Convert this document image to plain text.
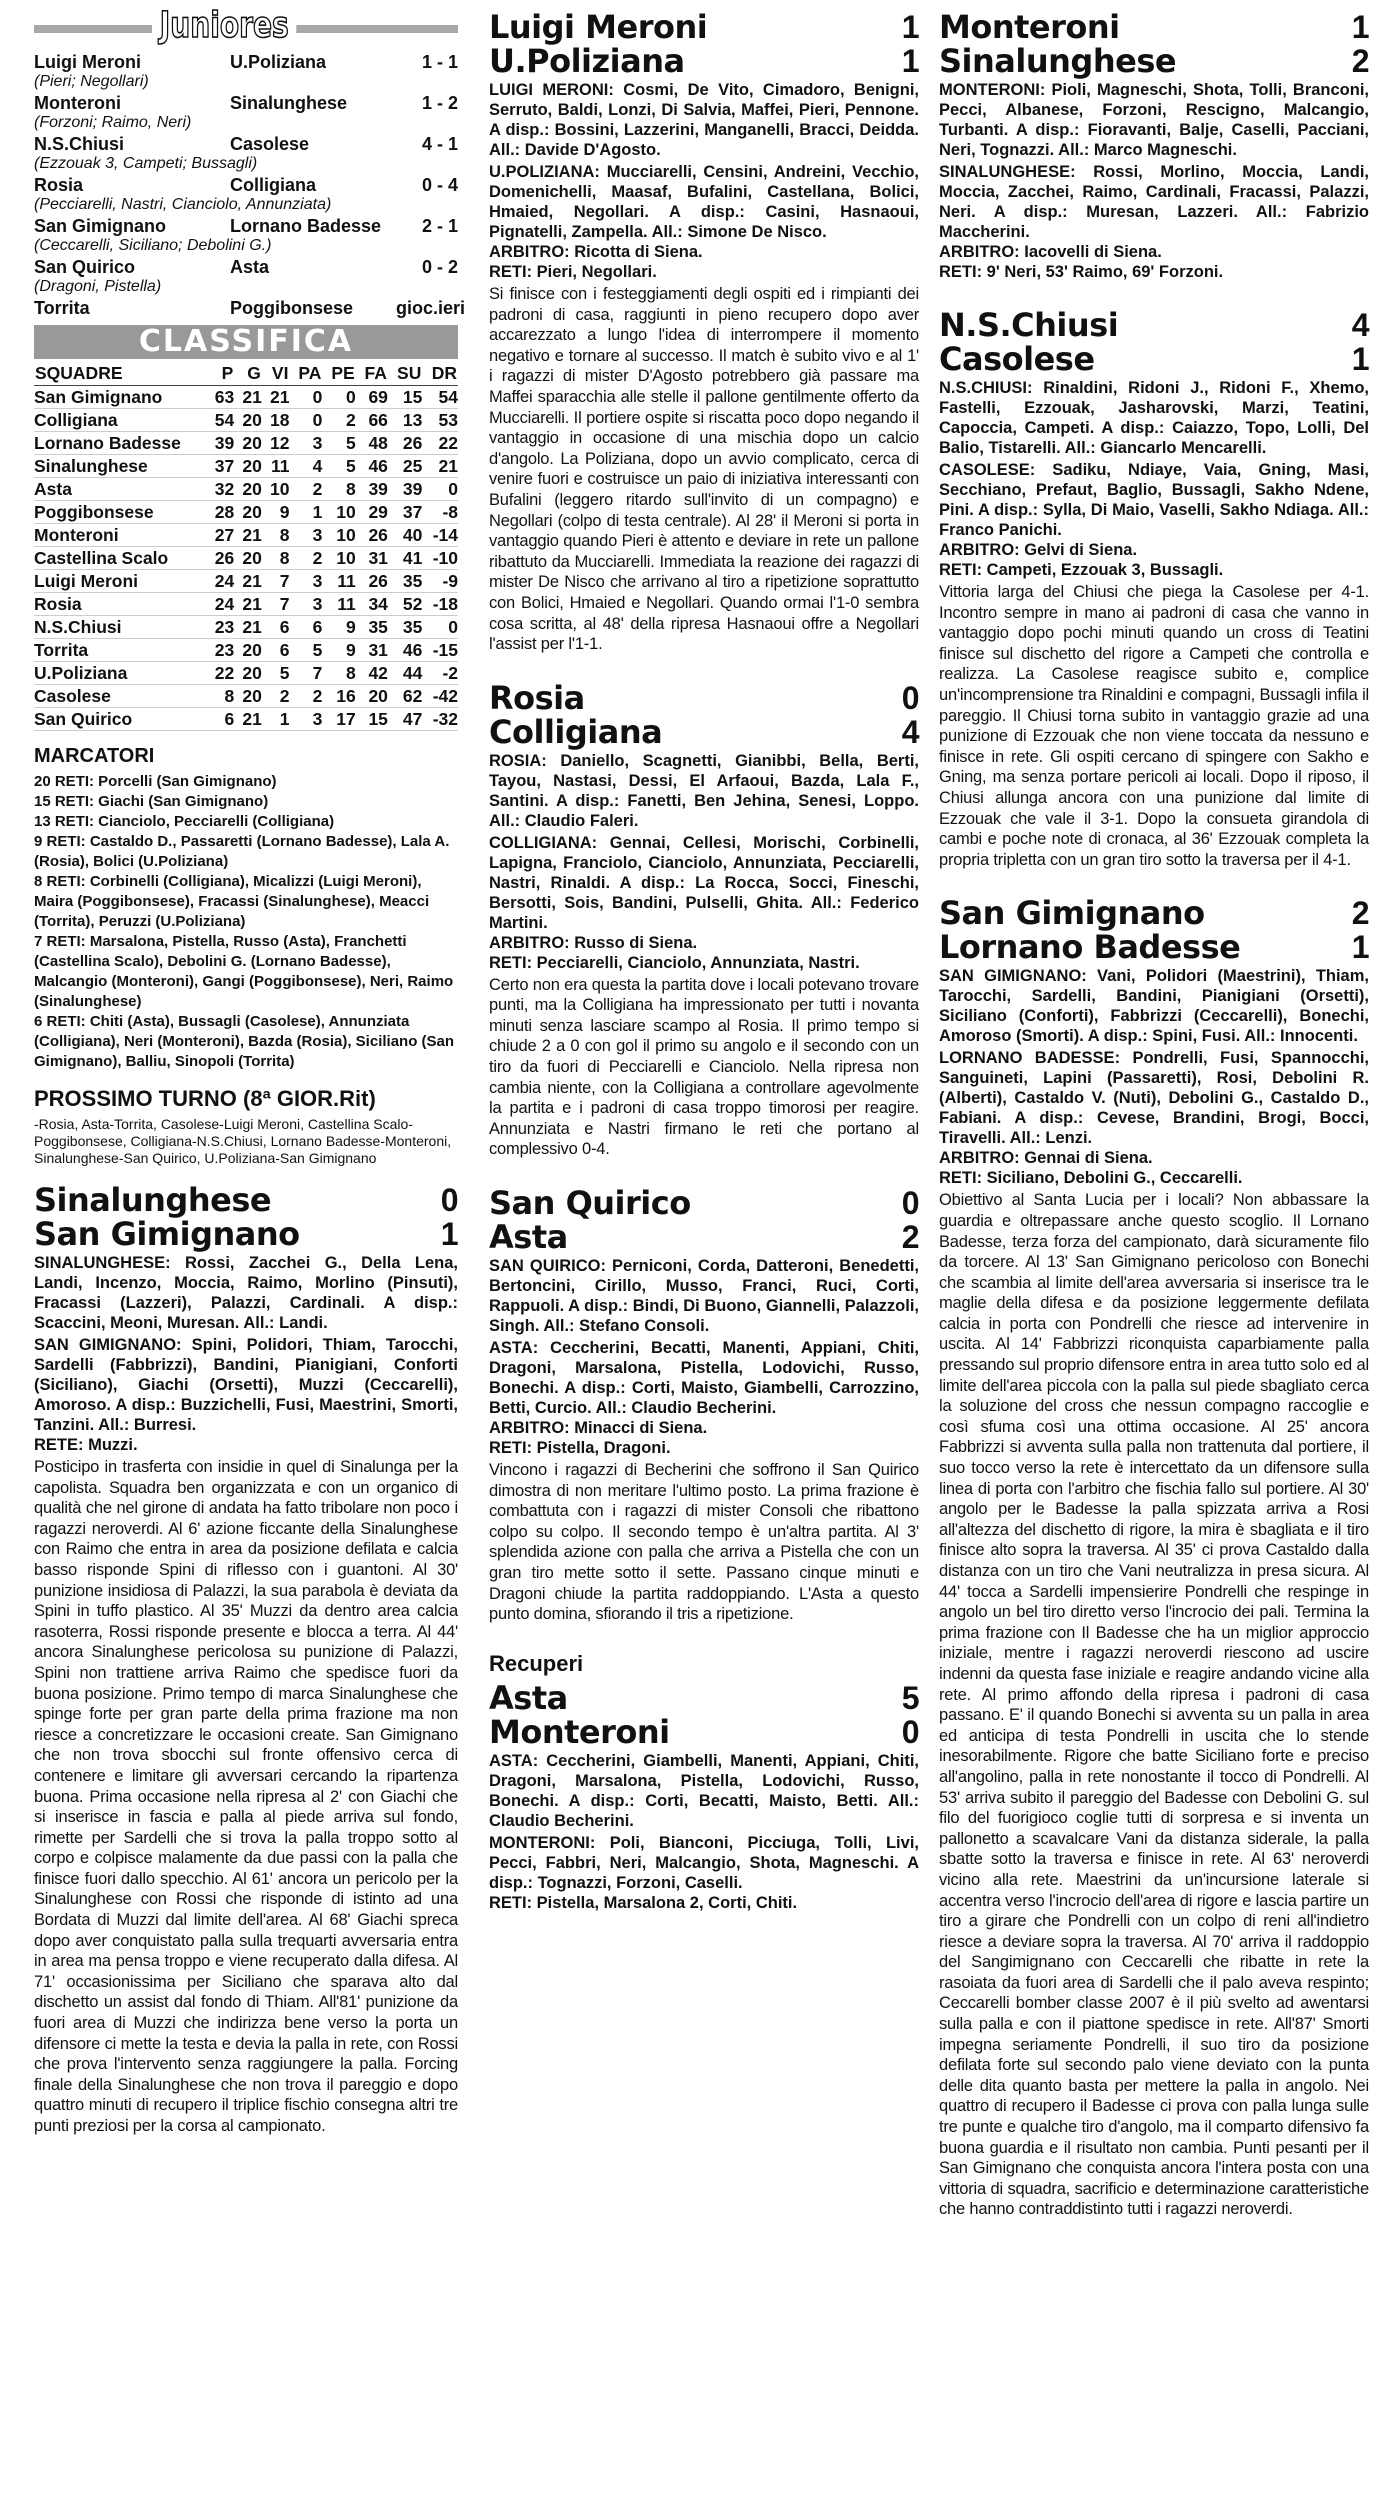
Juniores
Luigi Meroni	U.Poliziana	1 - 1
(Pieri; Negollari)
Monteroni	Sinalunghese	1 - 2
(Forzoni; Raimo, Neri)
N.S.Chiusi	Casolese	4 - 1
(Ezzouak 3, Campeti; Bussagli)
Rosia	Colligiana	0 - 4
(Pecciarelli, Nastri, Cianciolo, Annunziata)
San Gimignano	Lornano Badesse	2 - 1
(Ceccarelli, Siciliano; Debolini G.)
San Quirico	Asta	0 - 2
(Dragoni, Pistella)
Torrita	Poggibonsese	gioc.ieri
CLASSIFICA
SQUADRE	P	G	VI	PA	PE	FA	SU	DR
San Gimignano	63	21	21	0	0	69	15	54
Colligiana	54	20	18	0	2	66	13	53
Lornano Badesse	39	20	12	3	5	48	26	22
Sinalunghese	37	20	11	4	5	46	25	21
Asta	32	20	10	2	8	39	39	0
Poggibonsese	28	20	9	1	10	29	37	-8
Monteroni	27	21	8	3	10	26	40	-14
Castellina Scalo	26	20	8	2	10	31	41	-10
Luigi Meroni	24	21	7	3	11	26	35	-9
Rosia	24	21	7	3	11	34	52	-18
N.S.Chiusi	23	21	6	6	9	35	35	0
Torrita	23	20	6	5	9	31	46	-15
U.Poliziana	22	20	5	7	8	42	44	-2
Casolese	8	20	2	2	16	20	62	-42
San Quirico	6	21	1	3	17	15	47	-32
MARCATORI

20 RETI: Porcelli (San Gimignano)

15 RETI: Giachi (San Gimignano)

13 RETI: Cianciolo, Pecciarelli (Colligiana)

9 RETI: Castaldo D., Passaretti (Lornano Badesse), Lala A. (Rosia), Bolici (U.Poliziana)

8 RETI: Corbinelli (Colligiana), Micalizzi (Luigi Meroni), Maira (Poggibonsese), Fracassi (Sinalunghese), Meacci (Torrita), Peruzzi (U.Poliziana)

7 RETI: Marsalona, Pistella, Russo (Asta), Franchetti (Castellina Scalo), Debolini G. (Lornano Badesse), Malcangio (Monteroni), Gangi (Poggibonsese), Neri, Raimo (Sinalunghese)

6 RETI: Chiti (Asta), Bussagli (Casolese), Annunziata (Colligiana), Neri (Monteroni), Bazda (Rosia), Siciliano (San Gimignano), Balliu, Sinopoli (Torrita)

PROSSIMO TURNO (8ª GIOR.Rit)
-Rosia, Asta-Torrita, Casolese-Luigi Meroni, Castellina Scalo-Poggibonsese, Colligiana-N.S.Chiusi, Lornano Badesse-Monteroni, Sinalunghese-San Quirico, U.Poliziana-San Gimignano
Sinalunghese	0
San Gimignano	1

SINALUNGHESE: Rossi, Zacchei G., Della Lena, Landi, Incenzo, Moccia, Raimo, Morlino (Pinsuti), Fracassi (Lazzeri), Palazzi, Cardinali. A disp.: Scaccini, Meoni, Muresan. All.: Landi.

SAN GIMIGNANO: Spini, Polidori, Thiam, Tarocchi, Sardelli (Fabbrizzi), Bandini, Pianigiani, Conforti (Siciliano), Giachi (Orsetti), Muzzi (Ceccarelli), Amoroso. A disp.: Buzzichelli, Fusi, Maestrini, Smorti, Tanzini. All.: Burresi.

RETE: Muzzi.

Posticipo in trasferta con insidie in quel di Sinalunga per la capolista. Squadra ben organizzata e con un organico di qualità che nel girone di andata ha fatto tribolare non poco i ragazzi neroverdi. Al 6' azione ficcante della Sinalunghese con Raimo che entra in area da posizione defilata e calcia basso risponde Spini di riflesso con i guantoni. Al 30' punizione insidiosa di Palazzi, la sua parabola è deviata da Spini in tuffo plastico. Al 35' Muzzi da dentro area calcia rasoterra, Rossi risponde presente e blocca a terra. Al 44' ancora Sinalunghese pericolosa su punizione di Palazzi, Spini non trattiene arriva Raimo che spedisce fuori da buona posizione. Primo tempo di marca Sinalunghese che spinge forte per gran parte della prima frazione ma non riesce a concretizzare le occasioni create. San Gimignano che non trova sbocchi sul fronte offensivo cerca di contenere e limitare gli avversari cercando la ripartenza buona. Prima occasione nella ripresa al 2' con Giachi che si inserisce in fascia e palla al piede arriva sul fondo, rimette per Sardelli che si trova la palla troppo sotto al corpo e colpisce malamente da due passi con la palla che finisce fuori dallo specchio. Al 61' ancora un pericolo per la Sinalunghese con Rossi che risponde di istinto ad una Bordata di Muzzi dal limite dell'area. Al 68' Giachi spreca dopo aver conquistato palla sulla trequarti avversaria entra in area ma pensa troppo e viene recuperato dalla difesa. Al 71' occasionissima per Siciliano che sparava alto dal dischetto un assist dal fondo di Thiam. All'81' punizione da fuori area di Muzzi che indirizza bene verso la porta un difensore ci mette la testa e devia la palla in rete, con Rossi che prova l'intervento senza raggiungere la palla. Forcing finale della Sinalunghese che non trova il pareggio e dopo quattro minuti di recupero il triplice fischio consegna altri tre punti preziosi per la corsa al campionato.

Luigi Meroni	1
U.Poliziana	1

LUIGI MERONI: Cosmi, De Vito, Cimadoro, Benigni, Serruto, Baldi, Lonzi, Di Salvia, Maffei, Pieri, Pennone. A disp.: Bossini, Lazzerini, Manganelli, Bracci, Deidda. All.: Davide D'Agosto.

U.POLIZIANA: Mucciarelli, Censini, Andreini, Vecchio, Domenichelli, Maasaf, Bufalini, Castellana, Bolici, Hmaied, Negollari. A disp.: Casini, Hasnaoui, Pignatelli, Zampella. All.: Simone De Nisco.

ARBITRO: Ricotta di Siena.

RETI: Pieri, Negollari.

Si finisce con i festeggiamenti degli ospiti ed i rimpianti dei padroni di casa, raggiunti in pieno recupero dopo aver accarezzato a lungo l'idea di interrompere il momento negativo e tornare al successo. Il match è subito vivo e al 1' i ragazzi di mister D'Agosto potrebbero già passare ma Maffei sparacchia alle stelle il pallone gentilmente offerto da Mucciarelli. Il portiere ospite si riscatta poco dopo negando il vantaggio in occasione di una mischia dopo un calcio d'angolo. La Poliziana, dopo un avvio complicato, cerca di venire fuori e costruisce un paio di iniziativa interessanti con Bufalini (leggero ritardo sull'invito di un compagno) e Negollari (colpo di testa centrale). Al 28' il Meroni si porta in vantaggio quando Pieri è attento e deviare in rete un pallone ribattuto da Mucciarelli. Immediata la reazione dei ragazzi di mister De Nisco che arrivano al tiro a ripetizione soprattutto con Bolici, Hmaied e Negollari. Quando ormai l'1-0 sembra cosa scritta, al 48' della ripresa Hasnaoui offre a Negollari l'assist per l'1-1.

Rosia	0
Colligiana	4

ROSIA: Daniello, Scagnetti, Gianibbi, Bella, Berti, Tayou, Nastasi, Dessi, El Arfaoui, Bazda, Lala F., Santini. A disp.: Fanetti, Ben Jehina, Senesi, Loppo. All.: Claudio Faleri.

COLLIGIANA: Gennai, Cellesi, Morischi, Corbinelli, Lapigna, Franciolo, Cianciolo, Annunziata, Pecciarelli, Nastri, Rinaldi. A disp.: La Rocca, Socci, Fineschi, Bersotti, Sois, Bandini, Pulselli, Ghita. All.: Federico Martini.

ARBITRO: Russo di Siena.

RETI: Pecciarelli, Cianciolo, Annunziata, Nastri.

Certo non era questa la partita dove i locali potevano trovare punti, ma la Colligiana ha impressionato per tutti i novanta minuti senza lasciare scampo al Rosia. Il primo tempo si chiude 2 a 0 con gol il primo su angolo e il secondo con un tiro da fuori di Pecciarelli e Cianciolo. Nella ripresa non cambia niente, con la Colligiana a controllare agevolmente la partita e i padroni di casa troppo timorosi per reagire. Annunziata e Nastri firmano le reti che portano al complessivo 0-4.

San Quirico	0
Asta	2

SAN QUIRICO: Perniconi, Corda, Datteroni, Benedetti, Bertoncini, Cirillo, Musso, Franci, Ruci, Corti, Rappuoli. A disp.: Bindi, Di Buono, Giannelli, Palazzoli, Singh. All.: Stefano Consoli.

ASTA: Ceccherini, Becatti, Manenti, Appiani, Chiti, Dragoni, Marsalona, Pistella, Lodovichi, Russo, Bonechi. A disp.: Corti, Maisto, Giambelli, Carrozzino, Betti, Curcio. All.: Claudio Becherini.

ARBITRO: Minacci di Siena.

RETI: Pistella, Dragoni.

Vincono i ragazzi di Becherini che soffrono il San Quirico dimostra di non meritare l'ultimo posto. La prima frazione è combattuta con i ragazzi di mister Consoli che ribattono colpo su colpo. Il secondo tempo è un'altra partita. Al 3' splendida azione con palla che arriva a Pistella che con un gran tiro mette sotto il sette. Passano cinque minuti e Dragoni chiude la partita raddoppiando. L'Asta a questo punto domina, sfiorando il tris a ripetizione.

Recuperi
Asta	5
Monteroni	0

ASTA: Ceccherini, Giambelli, Manenti, Appiani, Chiti, Dragoni, Marsalona, Pistella, Lodovichi, Russo, Bonechi. A disp.: Corti, Becatti, Maisto, Betti. All.: Claudio Becherini.

MONTERONI: Poli, Bianconi, Picciuga, Tolli, Livi, Pecci, Fabbri, Neri, Malcangio, Shota, Magneschi. A disp.: Tognazzi, Forzoni, Caselli.

RETI: Pistella, Marsalona 2, Corti, Chiti.

Monteroni	1
Sinalunghese	2

MONTERONI: Pioli, Magneschi, Shota, Tolli, Branconi, Pecci, Albanese, Forzoni, Rescigno, Malcangio, Turbanti. A disp.: Fioravanti, Balje, Caselli, Pacciani, Neri, Tognazzi. All.: Marco Magneschi.

SINALUNGHESE: Rossi, Morlino, Moccia, Landi, Moccia, Zacchei, Raimo, Cardinali, Fracassi, Palazzi, Neri. A disp.: Muresan, Lazzeri. All.: Fabrizio Maccherini.

ARBITRO: Iacovelli di Siena.

RETI: 9' Neri, 53' Raimo, 69' Forzoni.

N.S.Chiusi	4
Casolese	1

N.S.CHIUSI: Rinaldini, Ridoni J., Ridoni F., Xhemo, Fastelli, Ezzouak, Jasharovski, Marzi, Teatini, Capoccia, Campeti. A disp.: Caiazzo, Topo, Lolli, Del Balio, Tistarelli. All.: Giancarlo Mencarelli.

CASOLESE: Sadiku, Ndiaye, Vaia, Gning, Masi, Secchiano, Prefaut, Baglio, Bussagli, Sakho Ndene, Pini. A disp.: Sylla, Di Maio, Vaselli, Sakho Ndiaga. All.: Franco Panichi.

ARBITRO: Gelvi di Siena.

RETI: Campeti, Ezzouak 3, Bussagli.

Vittoria larga del Chiusi che piega la Casolese per 4-1. Incontro sempre in mano ai padroni di casa che vanno in vantaggio dopo pochi minuti quando un cross di Teatini finisce sul dischetto del rigore a Campeti che controlla e realizza. La Casolese reagisce subito e, complice un'incomprensione tra Rinaldini e compagni, Bussagli infila il pareggio. Il Chiusi torna subito in vantaggio grazie ad una punizione di Ezzouak che non viene toccata da nessuno e finisce in rete. Gli ospiti cercano di spingere con Sakho e Gning, ma senza portare pericoli ai locali. Dopo il riposo, il Chiusi allunga ancora con una punizione dal limite di Ezzouak che vale il 3-1. Dopo la consueta girandola di cambi e poche note di cronaca, al 36' Ezzouak completa la propria tripletta con un gran tiro sotto la traversa per il 4-1.

San Gimignano	2
Lornano Badesse	1

SAN GIMIGNANO: Vani, Polidori (Maestrini), Thiam, Tarocchi, Sardelli, Bandini, Pianigiani (Orsetti), Siciliano (Conforti), Fabbrizzi (Ceccarelli), Bonechi, Amoroso (Smorti). A disp.: Spini, Fusi. All.: Innocenti.

LORNANO BADESSE: Pondrelli, Fusi, Spannocchi, Sanguineti, Lapini (Passaretti), Rosi, Debolini R. (Alberti), Castaldo V. (Nuti), Debolini G., Castaldo D., Fabiani. A disp.: Cevese, Brandini, Brogi, Bocci, Tiravelli. All.: Lenzi.

ARBITRO: Gennai di Siena.

RETI: Siciliano, Debolini G., Ceccarelli.

Obiettivo al Santa Lucia per i locali? Non abbassare la guardia e oltrepassare anche questo scoglio. Il Lornano Badesse, terza forza del campionato, darà sicuramente filo da torcere. Al 13' San Gimignano pericoloso con Bonechi che scambia al limite dell'area avversaria si inserisce tra le maglie della difesa e da posizione leggermente defilata calcia in porta con Pondrelli che riesce ad intervenire in uscita. Al 14' Fabbrizzi riconquista caparbiamente palla pressando sul proprio difensore entra in area tutto solo ed al limite dell'area piccola con la palla sul piede sbagliato cerca la soluzione del cross che nessun compagno raccoglie e così sfuma così una ottima occasione. Al 25' ancora Fabbrizzi si avventa sulla palla non trattenuta dal portiere, il suo tocco verso la rete è intercettato da un difensore sulla linea di porta con l'arbitro che fischia fallo sul portiere. Al 30' angolo per le Badesse la palla spizzata arriva a Rosi all'altezza del dischetto di rigore, la mira è sbagliata e il tiro finisce alto sopra la traversa. Al 35' ci prova Castaldo dalla distanza con un tiro che Vani neutralizza in presa sicura. Al 44' tocca a Sardelli impensierire Pondrelli che respinge in angolo un bel tiro diretto verso l'incrocio dei pali. Termina la prima frazione con Il Badesse che ha un miglior approccio iniziale, mentre i ragazzi neroverdi riescono ad uscire indenni da questa fase iniziale e reagire andando vicine alla rete. Al primo affondo della ripresa i padroni di casa passano. E' il quando Bonechi si avventa su un palla in area ed anticipa di testa Pondrelli in uscita che lo stende inesorabilmente. Rigore che batte Siciliano forte e preciso all'angolino, palla in rete nonostante il tocco di Pondrelli. Al 53' arriva subito il pareggio del Badesse con Debolini G. sul filo del fuorigioco coglie tutti di sorpresa e si inventa un pallonetto a scavalcare Vani da distanza siderale, la palla sbatte sotto la traversa e finisce in rete. Al 63' neroverdi vicino alla rete. Maestrini da un'incursione laterale si accentra verso l'incrocio dell'area di rigore e lascia partire un tiro a girare che Pondrelli con un colpo di reni all'indietro riesce a deviare sopra la traversa. Al 70' arriva il raddoppio del Sangimignano con Ceccarelli che ribatte in rete la rasoiata da fuori area di Sardelli che il palo aveva respinto; Ceccarelli bomber classe 2007 è il più svelto ad awentarsi sulla palla e con il piattone spedisce in rete. All'87' Smorti impegna seriamente Pondrelli, il suo tiro da posizione defilata forte sul secondo palo viene deviato con la punta delle dita quanto basta per mettere la palla in angolo. Nei quattro di recupero il Badesse ci prova con palla lunga sulle tre punte e qualche tiro d'angolo, ma il comparto difensivo fa buona guardia e il risultato non cambia. Punti pesanti per il San Gimignano che conquista ancora l'intera posta con una vittoria di squadra, sacrificio e determinazione caratteristiche che hanno contraddistinto tutti i ragazzi neroverdi.
